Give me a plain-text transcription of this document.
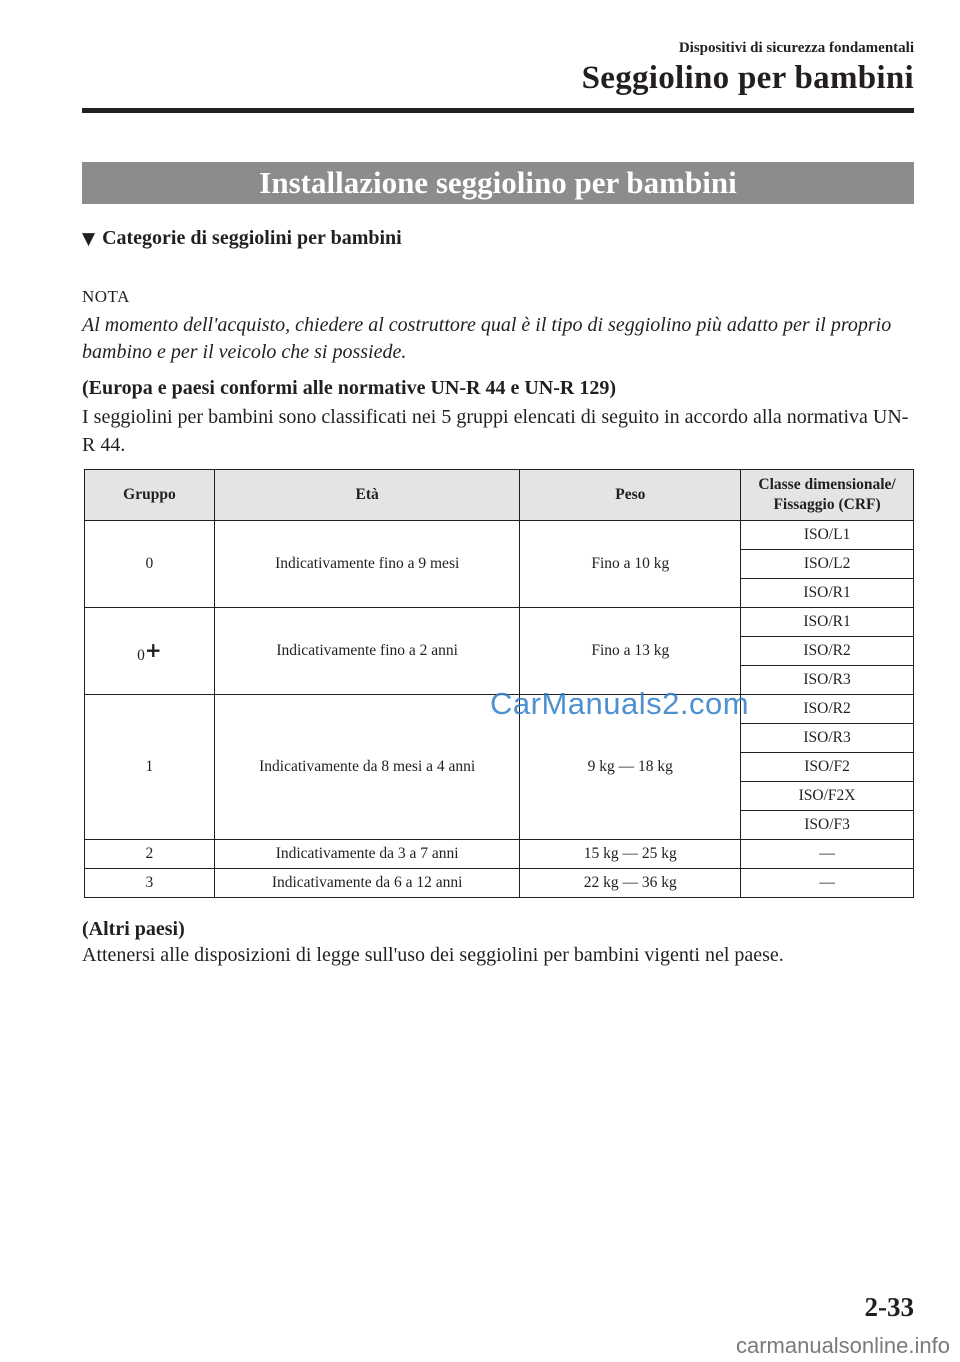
Dispositivi di sicurezza fondamentali
Seggiolino per bambini
Installazione seggiolino per bambini
▼ Categorie di seggiolini per bambini
NOTA
Al momento dell'acquisto, chiedere al costruttore qual è il tipo di seggiolino più adatto per il proprio bambino e per il veicolo che si possiede.
(Europa e paesi conformi alle normative UN-R 44 e UN-R 129)
I seggiolini per bambini sono classificati nei 5 gruppi elencati di seguito in accordo alla normativa UN-R 44.
Gruppo	Età	Peso	Classe dimensionale/
Fissaggio (CRF)
0	Indicativamente fino a 9 mesi	Fino a 10 kg	ISO/L1
			ISO/L2
			ISO/R1
0+	Indicativamente fino a 2 anni	Fino a 13 kg	ISO/R1
			ISO/R2
			ISO/R3
1	Indicativamente da 8 mesi a 4 anni	9 kg — 18 kg	ISO/R2
			ISO/R3
			ISO/F2
			ISO/F2X
			ISO/F3
2	Indicativamente da 3 a 7 anni	15 kg — 25 kg	—
3	Indicativamente da 6 a 12 anni	22 kg — 36 kg	—
CarManuals2.com
(Altri paesi)
Attenersi alle disposizioni di legge sull'uso dei seggiolini per bambini vigenti nel paese.
2-33
carmanualsonline.info
